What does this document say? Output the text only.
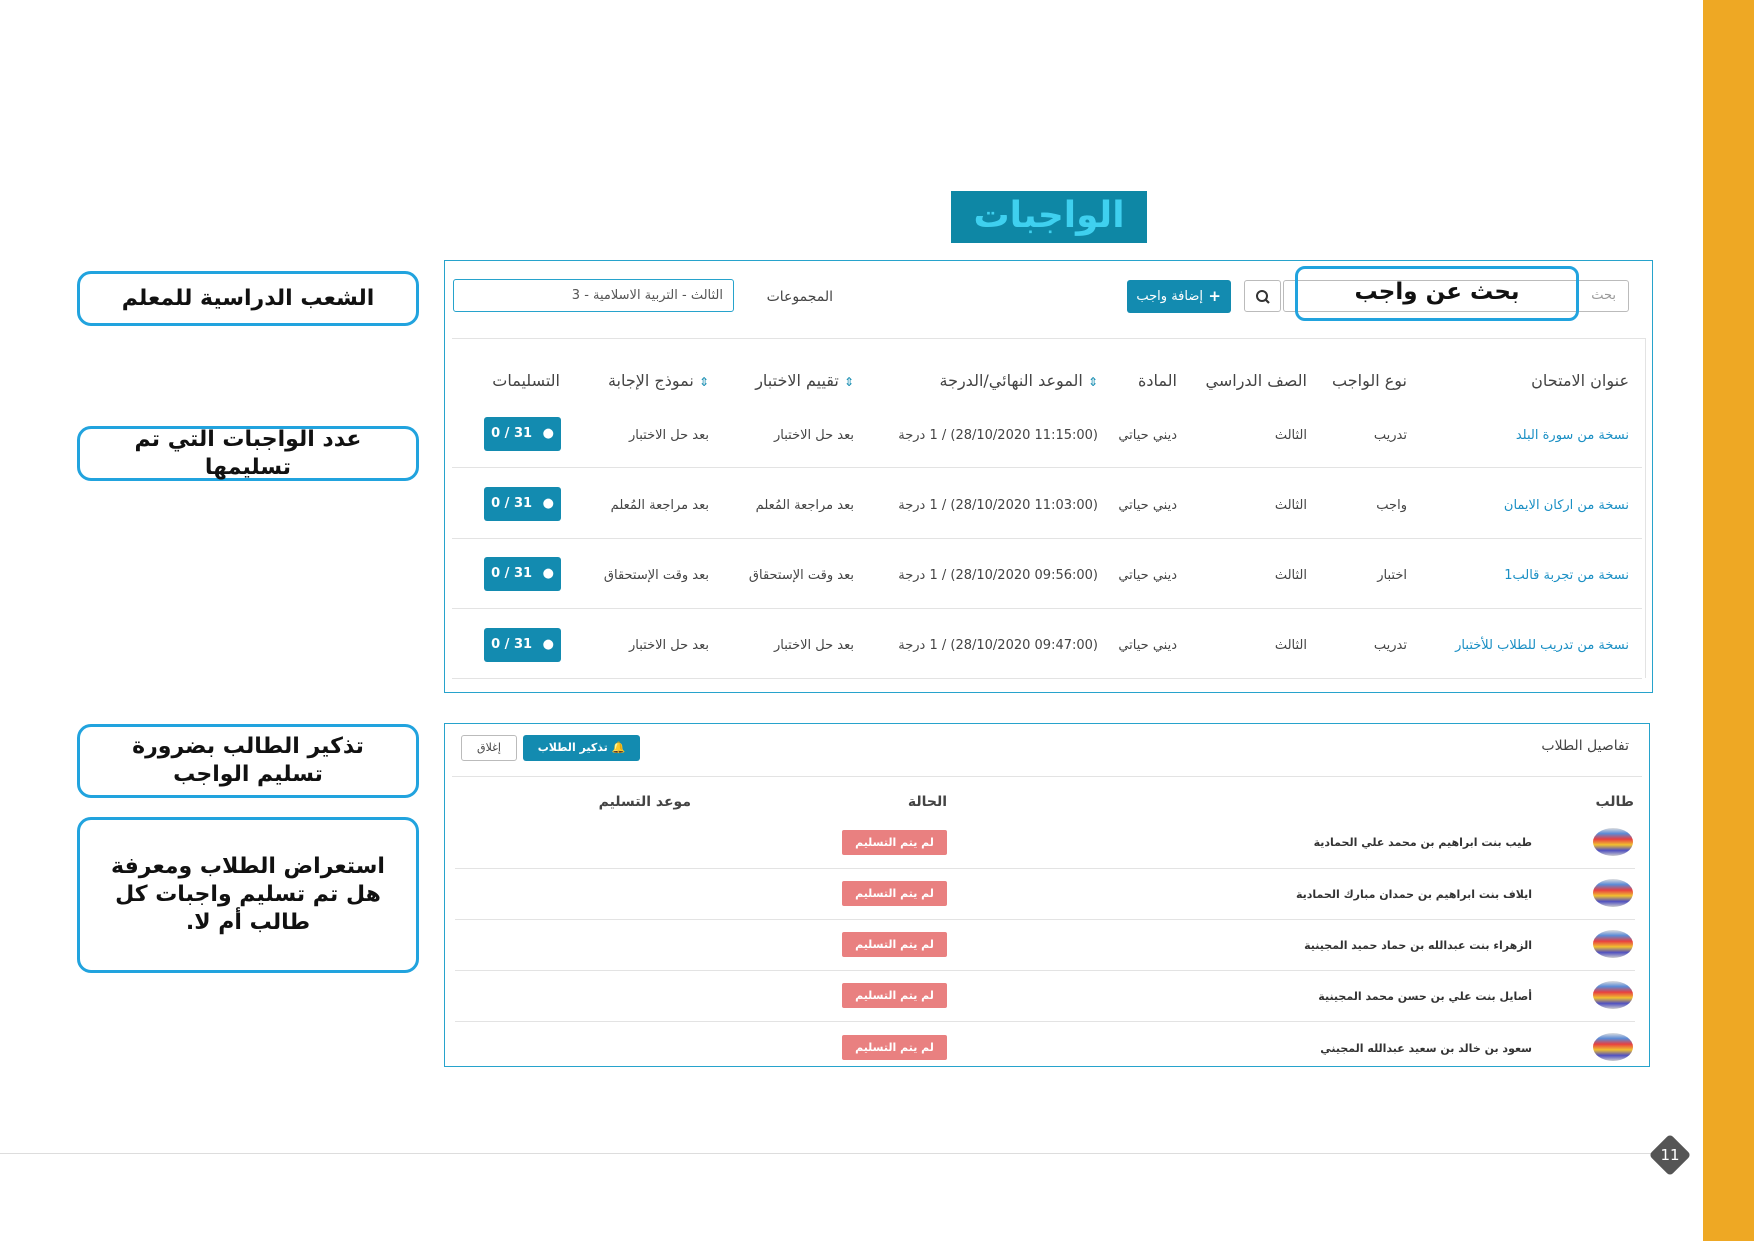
الواجبات
الشعب الدراسية للمعلم
عدد الواجبات التي تم تسليمها
تذكير الطالب بضرورة تسليم الواجب
استعراض الطلاب ومعرفة هل تم تسليم واجبات كل طالب أم لا.
بحث
بحث عن واجب
+
إضافة واجب
المجموعات
الثالث - التربية الاسلامية - 3
عنوان الامتحان
نوع الواجب
الصف الدراسي
المادة
⇕ الموعد النهائي/الدرجة
⇕ تقييم الاختبار
⇕ نموذج الإجابة
التسليمات
نسخة من سورة البلد
تدريب
الثالث
ديني حياتي
(11:15:00 28/10/2020) / 1 درجة
بعد حل الاختبار
بعد حل الاختبار
0 / 31 ●
نسخة من اركان الايمان
واجب
الثالث
ديني حياتي
(11:03:00 28/10/2020) / 1 درجة
بعد مراجعة المُعلم
بعد مراجعة المُعلم
0 / 31 ●
نسخة من تجربة قالب1
اختبار
الثالث
ديني حياتي
(09:56:00 28/10/2020) / 1 درجة
بعد وقت الإستحقاق
بعد وقت الإستحقاق
0 / 31 ●
نسخة من تدريب للطلاب للأختبار
تدريب
الثالث
ديني حياتي
(09:47:00 28/10/2020) / 1 درجة
بعد حل الاختبار
بعد حل الاختبار
0 / 31 ●
تفاصيل الطلاب
🔔 تذكير الطلاب
إغلاق
طالب
الحالة
موعد التسليم
طيب بنت ابراهيم بن محمد علي الحمادية
لم يتم التسليم
ايلاف بنت ابراهيم بن حمدان مبارك الحمادية
لم يتم التسليم
الزهراء بنت عبدالله بن حماد حميد المجينية
لم يتم التسليم
أصايل بنت علي بن حسن محمد المجينية
لم يتم التسليم
سعود بن خالد بن سعيد عبدالله المجيني
لم يتم التسليم
11
